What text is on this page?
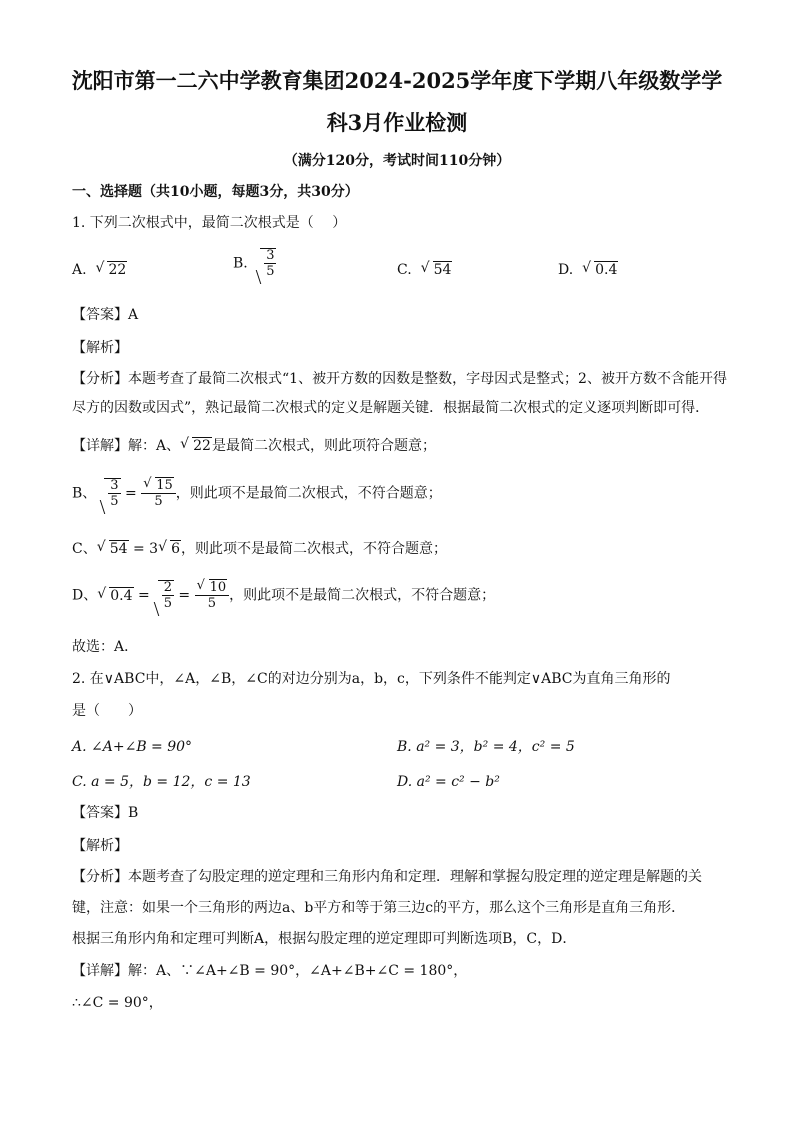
沈阳市第一二六中学教育集团2024-2025学年度下学期八年级数学学
科3月作业检测
（满分120分，考试时间110分钟）
一、选择题（共10小题，每题3分，共30分）
1. 下列二次根式中，最简二次根式是（　 ）
A. √ 22	B. $\frac{3}{5}$	C. √ 54	D. √ 0.4
【答案】A
【解析】
【分析】本题考查了最简二次根式“1、被开方数的因数是整数，字母因式是整式；2、被开方数不含能开得
尽方的因数或因式”，熟记最简二次根式的定义是解题关键．根据最简二次根式的定义逐项判断即可得．
【详解】解：A、 √ 22是最简二次根式，则此项符合题意；
B、 $\frac{3}{5}$ = √ $\frac{15}{5}$ ，则此项不是最简二次根式，不符合题意；
C、 √ 54 = 3 √ 6，则此项不是最简二次根式，不符合题意；
D、 √ $0.4 = \frac{2}{5}$ = √ $\frac{10}{5}$ ，则此项不是最简二次根式，不符合题意；
故选：A．
2. 在∨ABC中，∠A，∠B，∠C的对边分别为a，b，c，下列条件不能判定∨ABC为直角三角形的
是（　　）
A. ∠A+∠B = 90°	B. a² = 3，b² = 4，c² = 5
C. a = 5，b = 12，c = 13	D. a² = c² − b²
【答案】B
【解析】
【分析】本题考查了勾股定理的逆定理和三角形内角和定理．理解和掌握勾股定理的逆定理是解题的关
键，注意：如果一个三角形的两边a、b平方和等于第三边c的平方，那么这个三角形是直角三角形．
根据三角形内角和定理可判断A，根据勾股定理的逆定理即可判断选项B，C，D．
【详解】解：A、∵∠A+∠B = 90°，∠A+∠B+∠C = 180°，
∴∠C = 90°，
